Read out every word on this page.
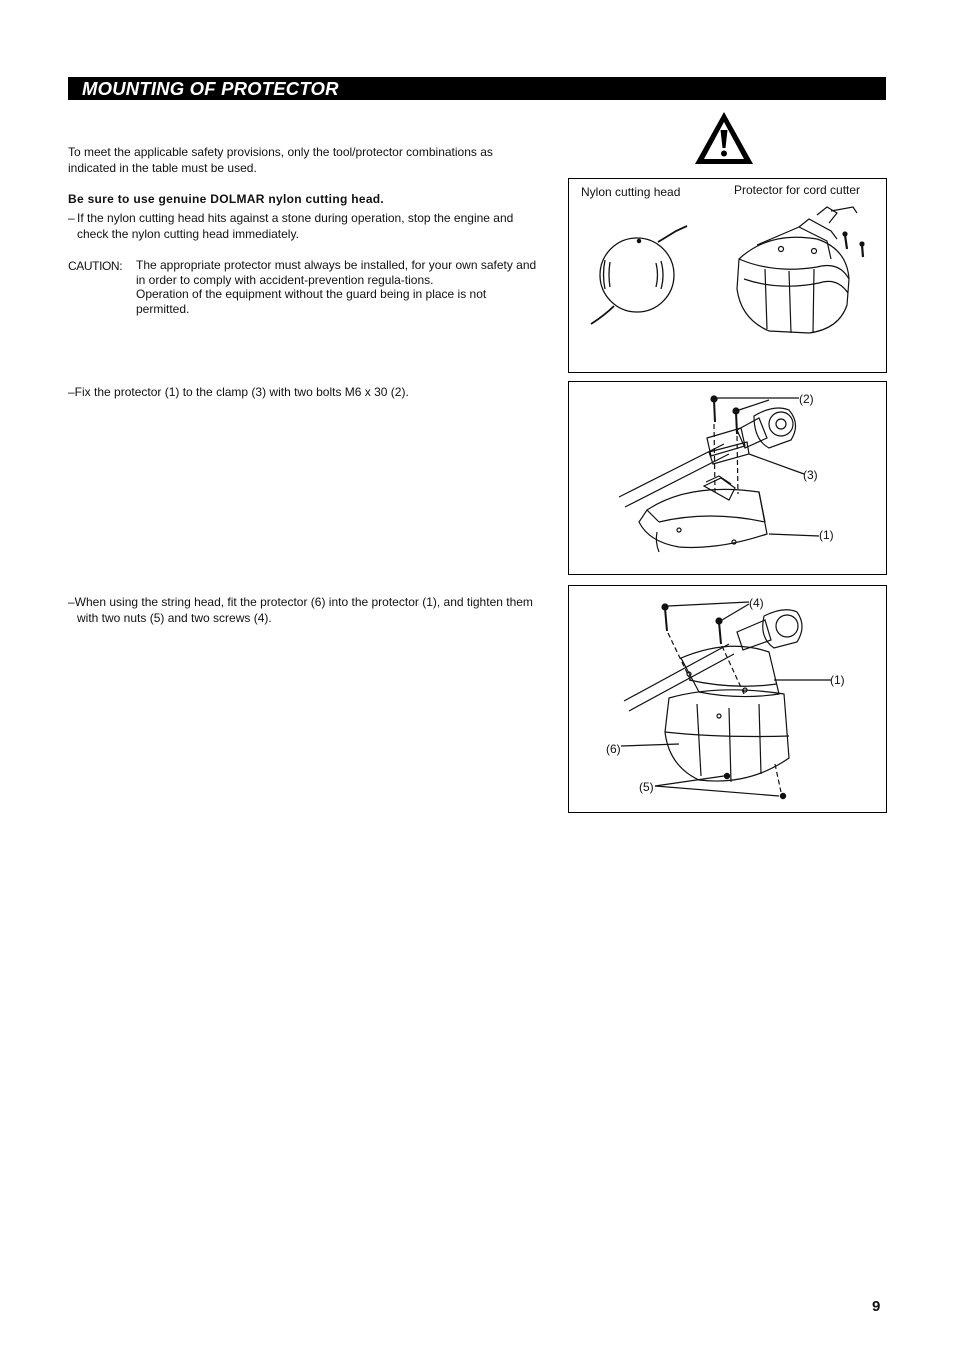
MOUNTING OF PROTECTOR
To meet the applicable safety provisions, only the tool/protector combinations as indicated in the table must be used.
Be sure to use genuine DOLMAR nylon cutting head.
– If the nylon cutting head hits against a stone during operation, stop the engine and check the nylon cutting head immediately.
CAUTION: The appropriate protector must always be installed, for your own safety and in order to comply with accident-prevention regula-tions.
Operation of the equipment without the guard being in place is not permitted.
–Fix the protector (1) to the clamp (3) with two bolts M6 x 30 (2).
–When using the string head, fit the protector (6) into the protector (1), and tighten them with two nuts (5) and two screws (4).
Nylon cutting head	Protector for cord cutter
(2)
(3)
(1)
(4)
(1)
(6)
(5)
9
